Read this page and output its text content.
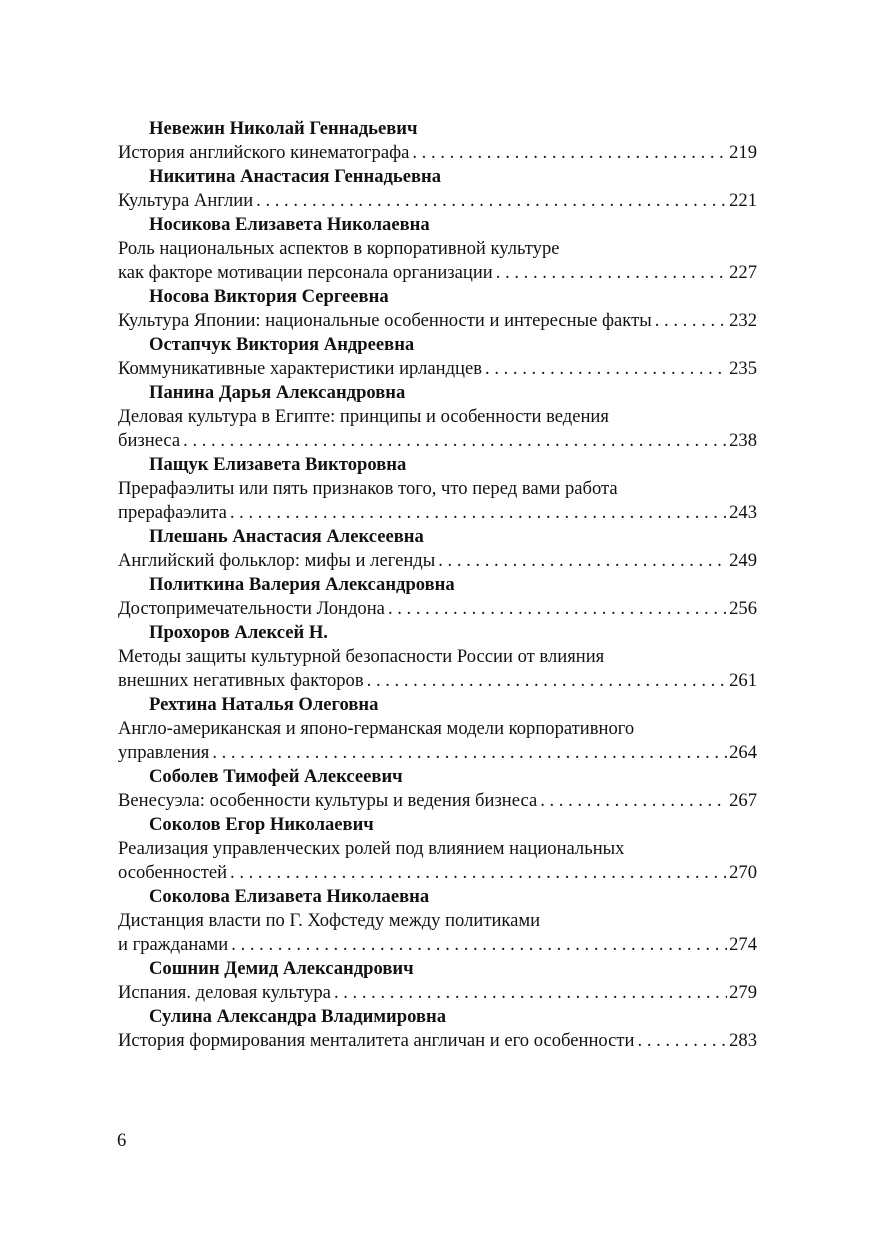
Невежин Николай Геннадьевич
История английского кинематографа . . .	219
Никитина Анастасия Геннадьевна
Культура Англии . . .	221
Носикова Елизавета Николаевна
Роль национальных аспектов в корпоративной культуре
как факторе мотивации персонала организации . . .	227
Носова Виктория Сергеевна
Культура Японии: национальные особенности и интересные факты . . .	232
Остапчук Виктория Андреевна
Коммуникативные характеристики ирландцев . . .	235
Панина Дарья Александровна
Деловая культура в Египте: принципы и особенности ведения
бизнеса . . .	238
Пащук Елизавета Викторовна
Прерафаэлиты или пять признаков того, что перед вами работа
прерафаэлита . . .	243
Плешань Анастасия Алексеевна
Английский фольклор: мифы и легенды . . .	249
Политкина Валерия Александровна
Достопримечательности Лондона . . .	256
Прохоров Алексей Н.
Методы защиты культурной безопасности России от влияния
внешних негативных факторов . . .	261
Рехтина Наталья Олеговна
Англо-американская и японо-германская модели корпоративного
управления . . .	264
Соболев Тимофей Алексеевич
Венесуэла: особенности культуры и ведения бизнеса . . .	267
Соколов Егор Николаевич
Реализация управленческих ролей под влиянием национальных
особенностей . . .	270
Соколова Елизавета Николаевна
Дистанция власти по Г. Хофстеду между политиками
и гражданами . . .	274
Сошнин Демид Александрович
Испания. деловая культура . . .	279
Сулина Александра Владимировна
История формирования менталитета англичан и его особенности . . .	283
6
